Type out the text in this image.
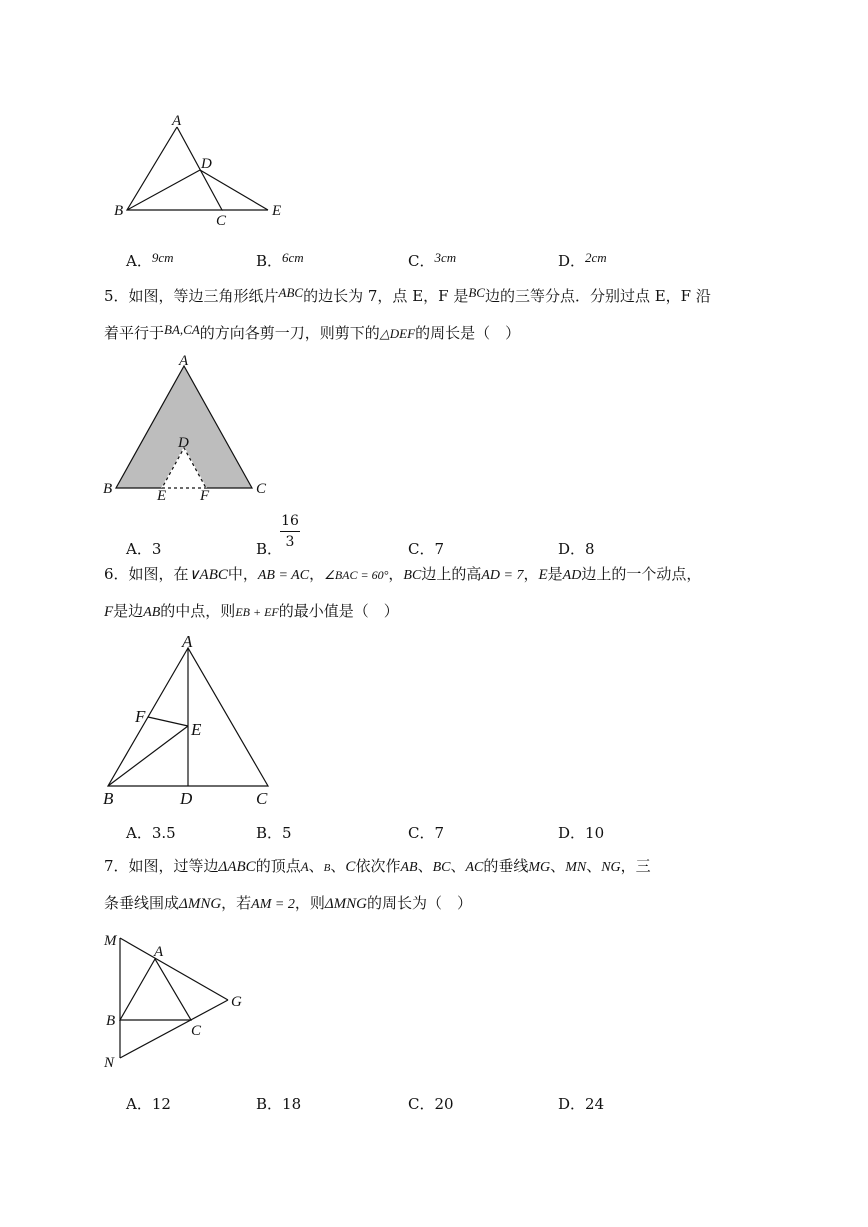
A
D
B
C
E
A．9cm	B．6cm	C．3cm	D．2cm
5．如图，等边三角形纸片ABC的边长为 7，点 E，F 是BC边的三等分点．分别过点 E，F 沿
着平行于BA,CA的方向各剪一刀，则剪下的△DEF的周长是（　）
A
D
B	E F	C
A．3	B．
16
3	C．7	D．8
6．如图，在∨ABC中，AB = AC，∠BAC = 60°，BC边上的高AD = 7，E是AD边上的一个动点，
F是边AB的中点，则EB + EF的最小值是（　）
A
F
E
B	D	C
A．3.5	B．5	C．7	D．10
7．如图，过等边ΔABC的顶点A、B、C依次作AB、BC、AC的垂线MG、MN、NG，三
条垂线围成ΔMNG，若AM = 2，则ΔMNG的周长为（　）
M
A
G
B
C
N
A．12	B．18	C．20	D．24
